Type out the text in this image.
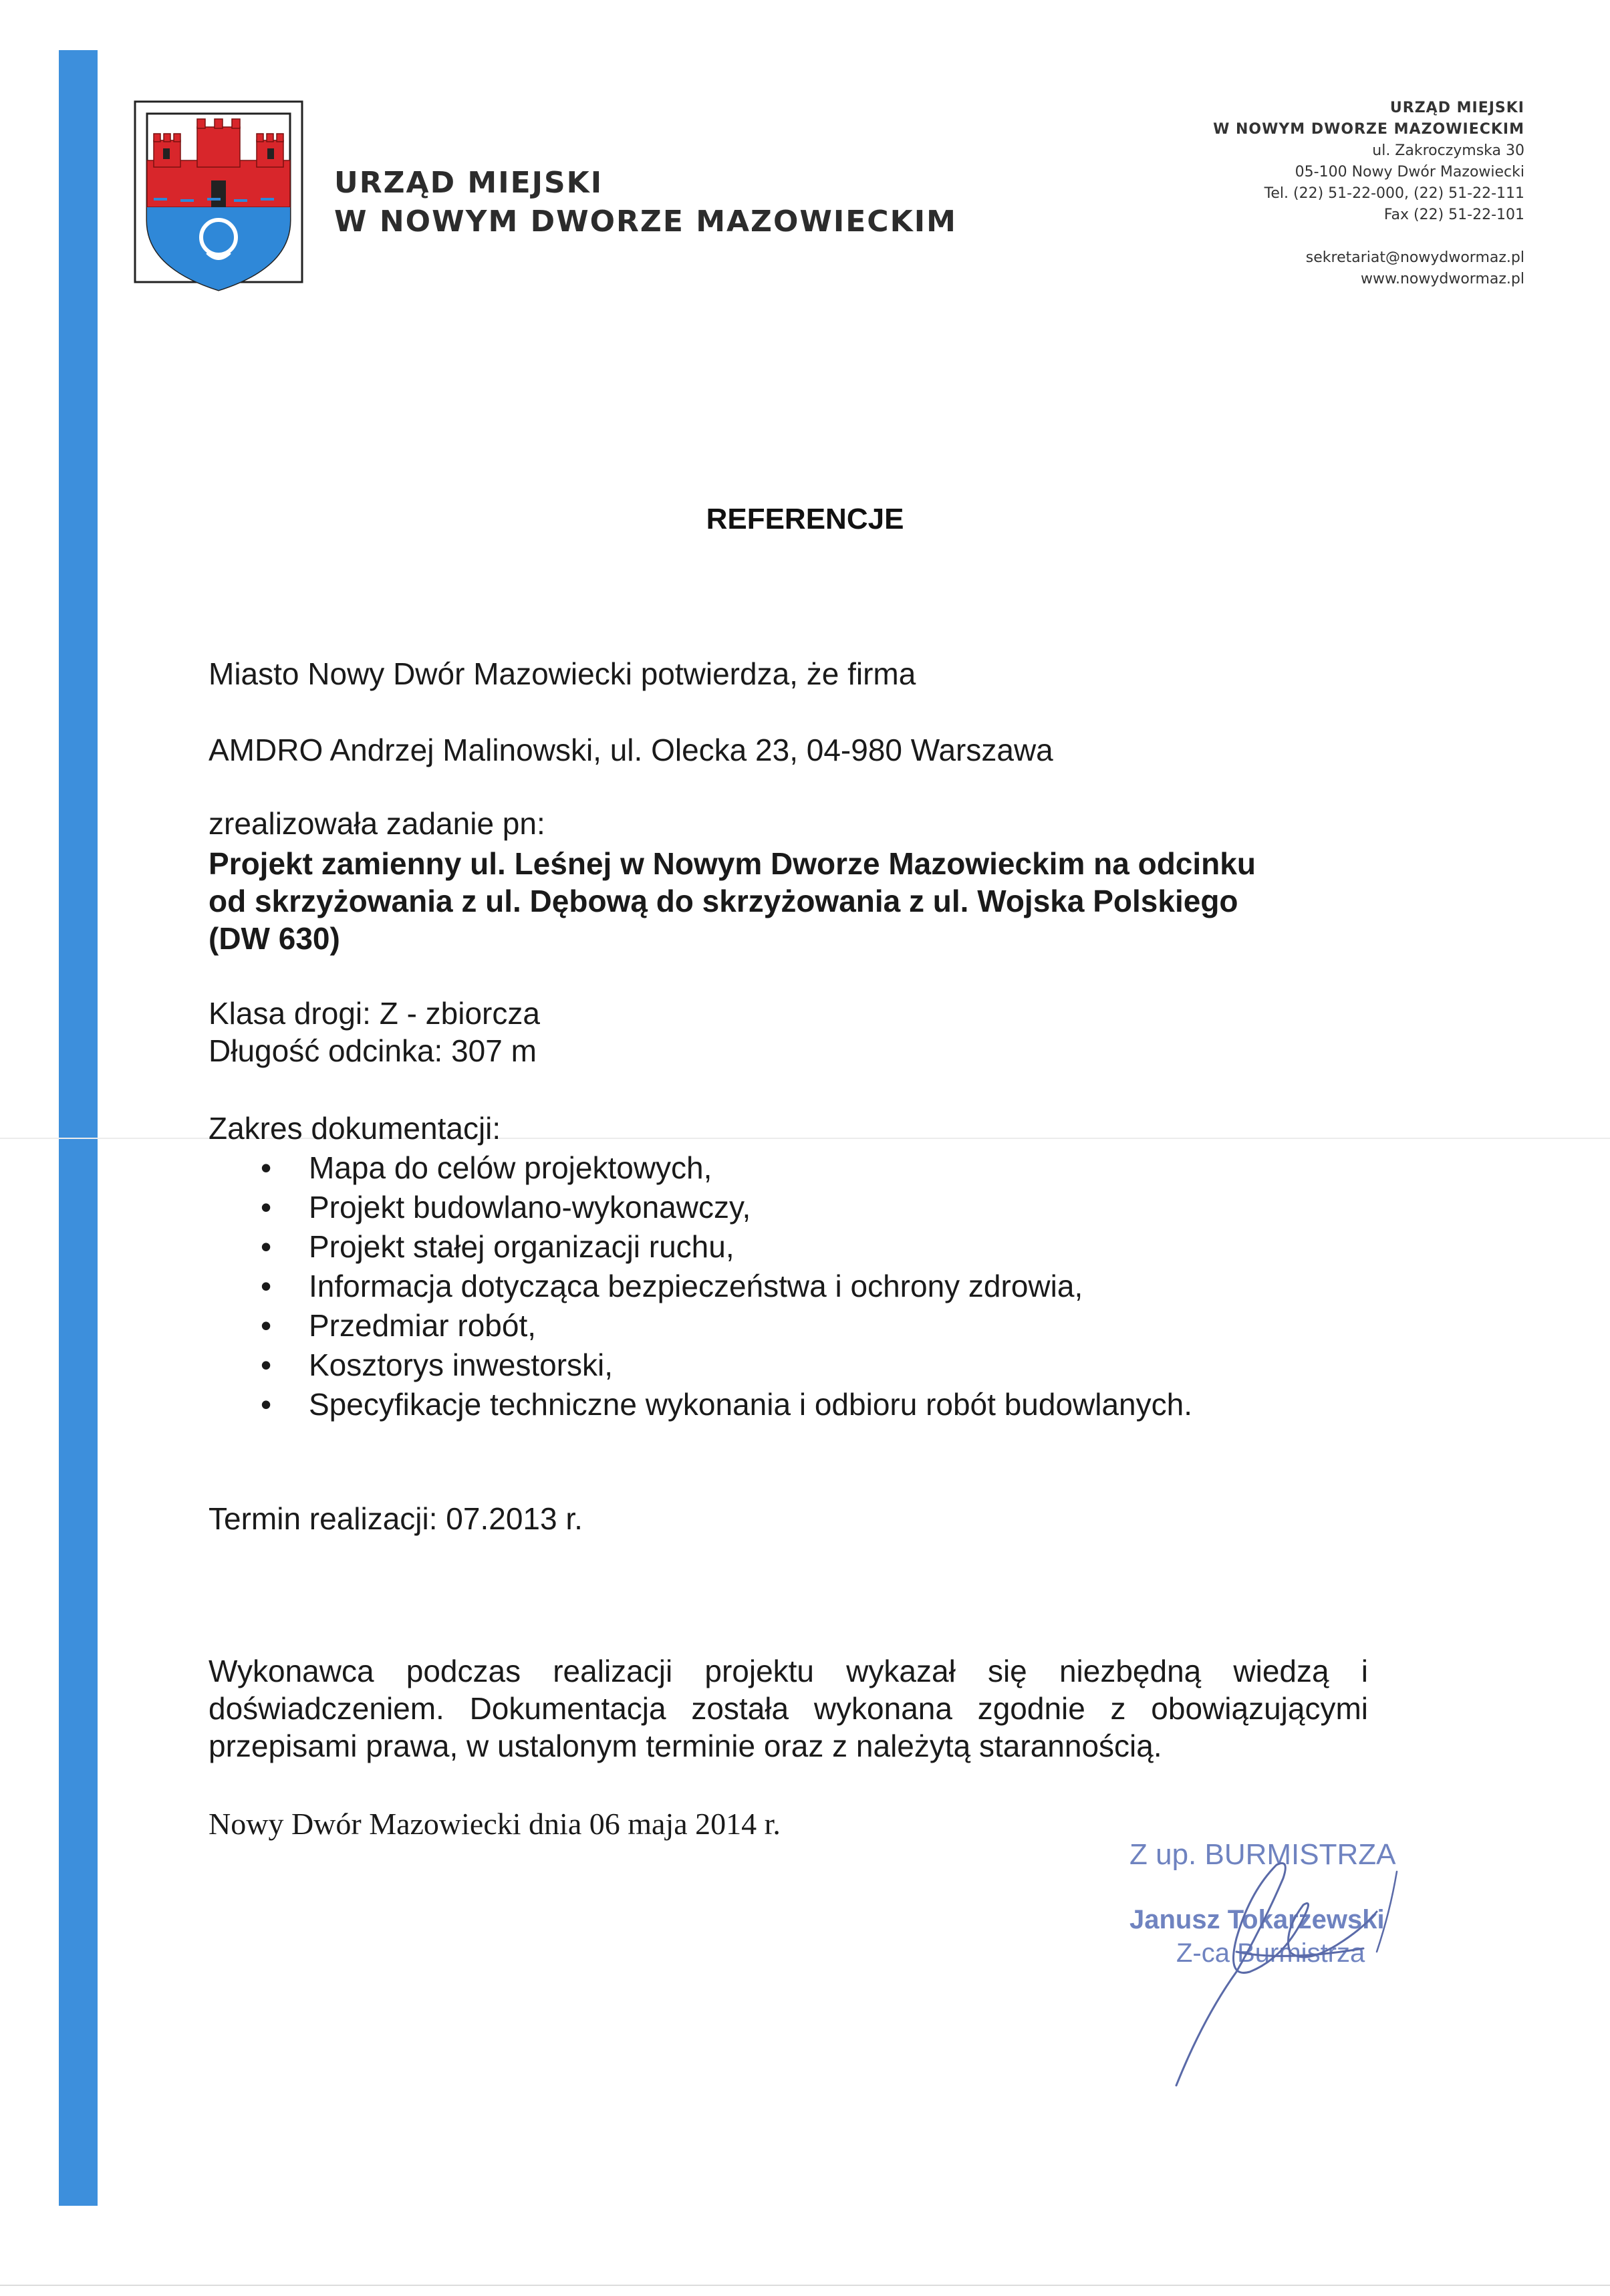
URZĄD MIEJSKI
W NOWYM DWORZE MAZOWIECKIM
URZĄD MIEJSKI
W NOWYM DWORZE MAZOWIECKIM
ul. Zakroczymska 30
05-100 Nowy Dwór Mazowiecki
Tel. (22) 51-22-000, (22) 51-22-111
Fax (22) 51-22-101
sekretariat@nowydwormaz.pl
www.nowydwormaz.pl
REFERENCJE
Miasto Nowy Dwór Mazowiecki potwierdza, że firma
AMDRO Andrzej Malinowski, ul. Olecka 23, 04-980 Warszawa
zrealizowała zadanie pn:
Projekt zamienny ul. Leśnej w Nowym Dworze Mazowieckim na odcinku
od skrzyżowania z ul. Dębową do skrzyżowania z ul. Wojska Polskiego
(DW 630)
Klasa drogi: Z - zbiorcza
Długość odcinka: 307 m
Zakres dokumentacji:
• Mapa do celów projektowych,
• Projekt budowlano-wykonawczy,
• Projekt stałej organizacji ruchu,
• Informacja dotycząca bezpieczeństwa i ochrony zdrowia,
• Przedmiar robót,
• Kosztorys inwestorski,
• Specyfikacje techniczne wykonania i odbioru robót budowlanych.
Termin realizacji: 07.2013 r.
Wykonawca podczas realizacji projektu wykazał się niezbędną wiedzą i doświadczeniem. Dokumentacja została wykonana zgodnie z obowiązującymi przepisami prawa, w ustalonym terminie oraz z należytą starannością.
Nowy Dwór Mazowiecki dnia 06 maja 2014 r.
Z up. BURMISTRZA
Janusz Tokarzewski
Z-ca Burmistrza
